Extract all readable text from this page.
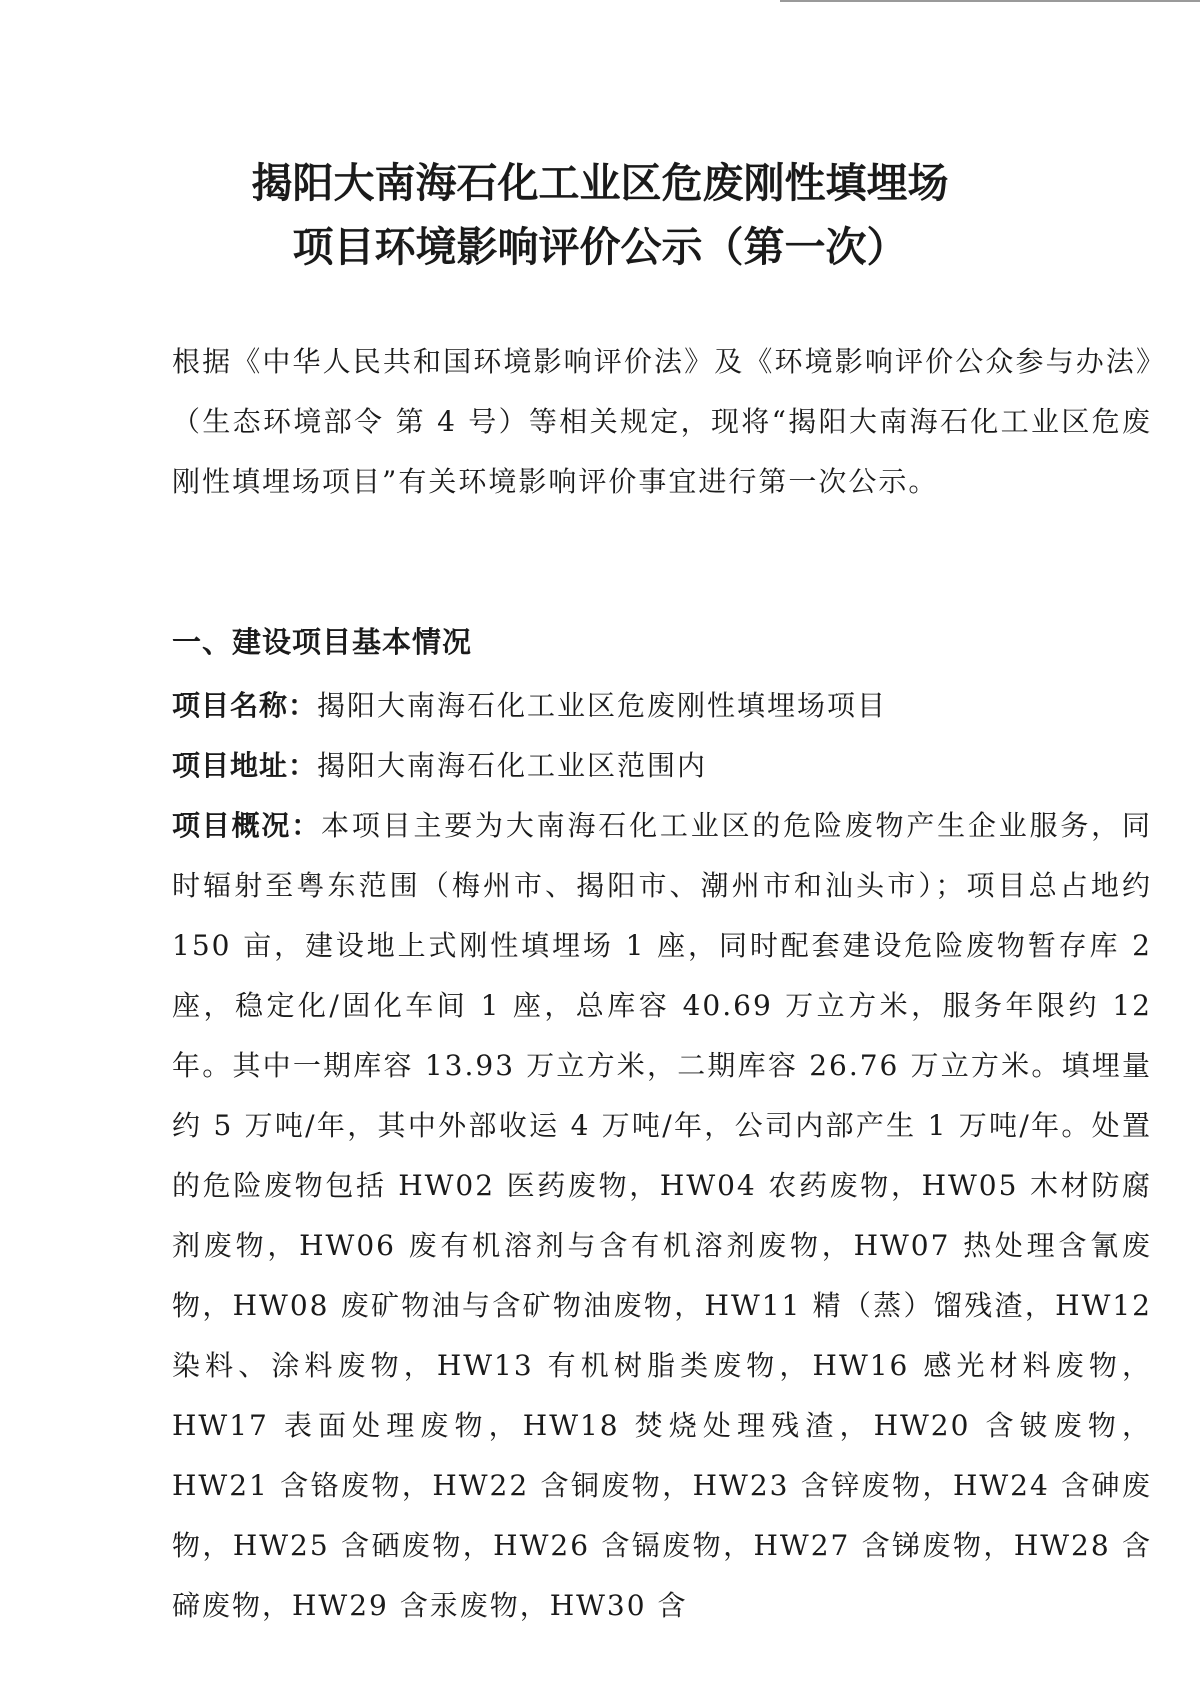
揭阳大南海石化工业区危废刚性填埋场
项目环境影响评价公示（第一次）

根据《中华人民共和国环境影响评价法》及《环境影响评价公众参与办法》（生态环境部令 第 4 号）等相关规定，现将“揭阳大南海石化工业区危废刚性填埋场项目”有关环境影响评价事宜进行第一次公示。

一、建设项目基本情况

项目名称：揭阳大南海石化工业区危废刚性填埋场项目

项目地址：揭阳大南海石化工业区范围内

项目概况：本项目主要为大南海石化工业区的危险废物产生企业服务，同时辐射至粤东范围（梅州市、揭阳市、潮州市和汕头市）；项目总占地约 150 亩，建设地上式刚性填埋场 1 座，同时配套建设危险废物暂存库 2 座，稳定化/固化车间 1 座，总库容 40.69 万立方米，服务年限约 12 年。其中一期库容 13.93 万立方米，二期库容 26.76 万立方米。填埋量约 5 万吨/年，其中外部收运 4 万吨/年，公司内部产生 1 万吨/年。处置的危险废物包括 HW02 医药废物，HW04 农药废物，HW05 木材防腐剂废物，HW06 废有机溶剂与含有机溶剂废物，HW07 热处理含氰废物，HW08 废矿物油与含矿物油废物，HW11 精（蒸）馏残渣，HW12 染料、涂料废物，HW13 有机树脂类废物，HW16 感光材料废物，HW17 表面处理废物，HW18 焚烧处理残渣，HW20 含铍废物，HW21 含铬废物，HW22 含铜废物，HW23 含锌废物，HW24 含砷废物，HW25 含硒废物，HW26 含镉废物，HW27 含锑废物，HW28 含碲废物，HW29 含汞废物，HW30 含
